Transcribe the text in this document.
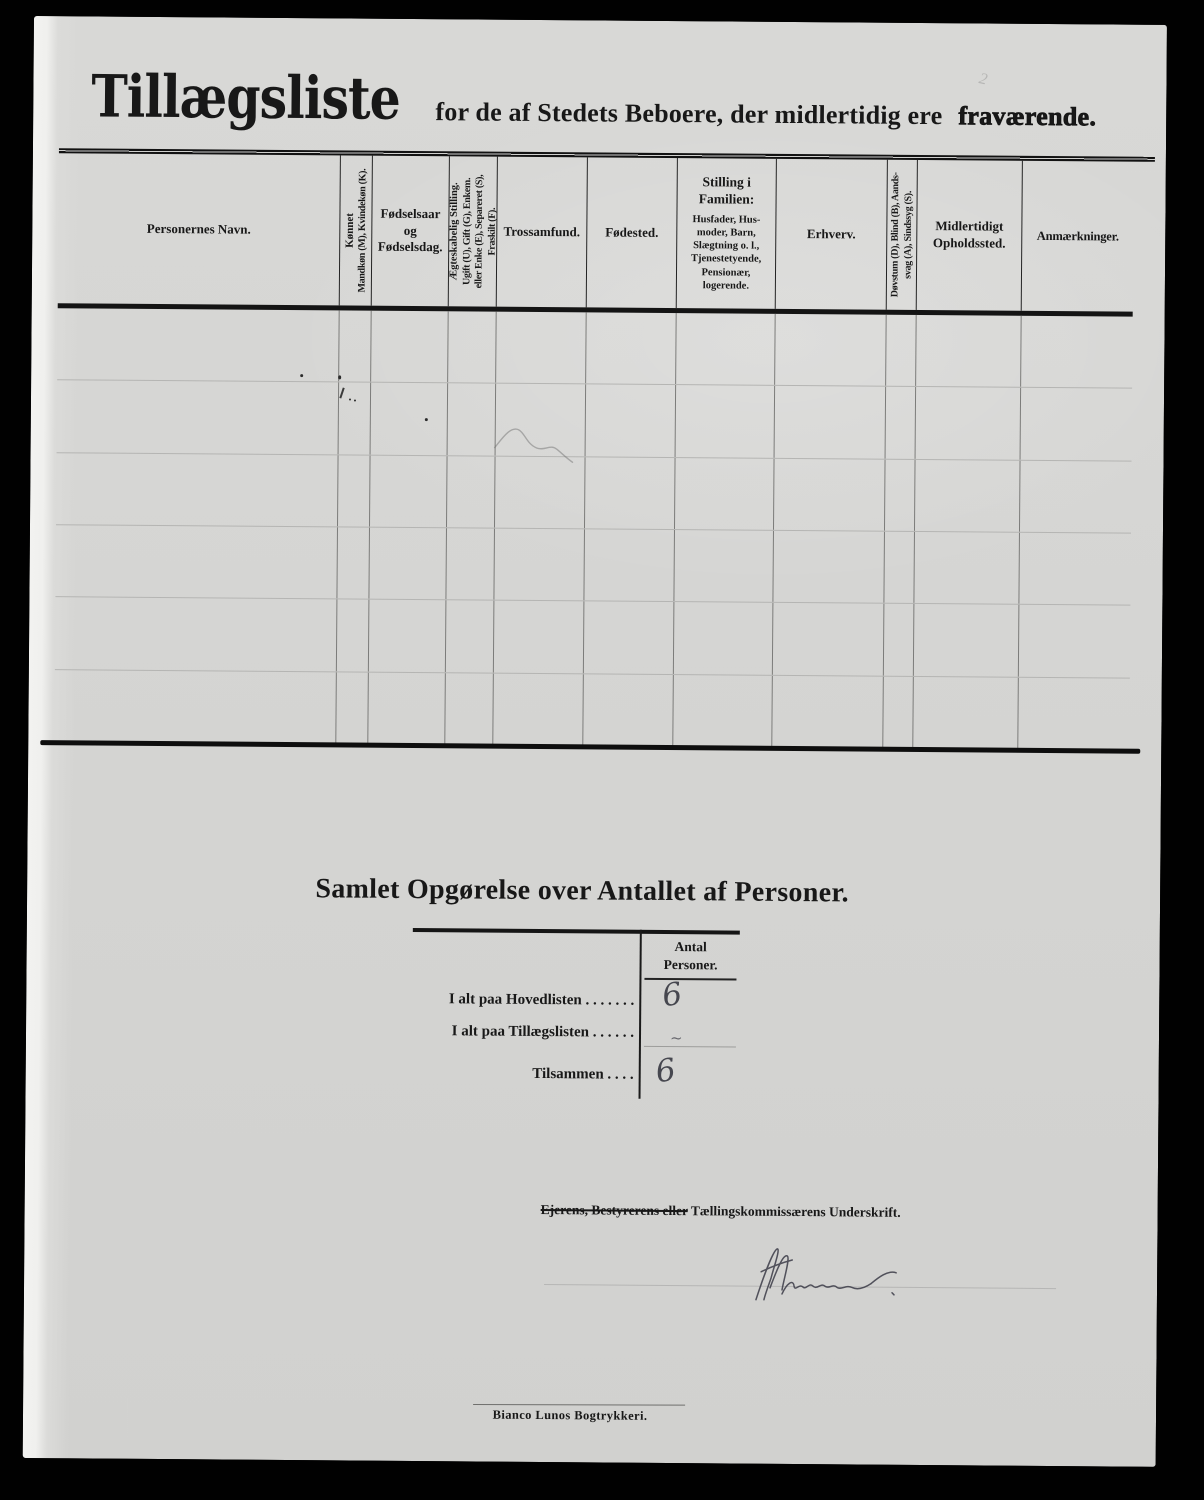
Tillægsliste for de af Stedets Beboere, der midlertidig ere fraværende.
Personernes Navn.	Kønnet Mandkøn (M), Kvindekøn (K). Fødselsaar
og
Fødselsdag. Ægteskabelig Stilling. Ugift (U), Gift (G), Enkem. eller Enke (E), Separeret (S), Fraskilt (F). Trossamfund. Fødested.
Stilling i
Familien:
Husfader, Hus-
moder, Barn,
Slægtning o. l.,
Tjenestetyende,
Pensionær,
logerende.
Erhverv.	Døvstum (D), Blind (B), Aands- svag (A), Sindssyg (S). Midlertidigt
Opholdssted. Anmærkninger.
2
Samlet Opgørelse over Antallet af Personer.
Antal
Personer.
I alt paa Hovedlisten . . . . . . . 6
I alt paa Tillægslisten . . . . . . ~
Tilsammen . . . . 6
Ejerens, Bestyrerens eller Tællingskommissærens Underskrift.
Bianco Lunos Bogtrykkeri.
